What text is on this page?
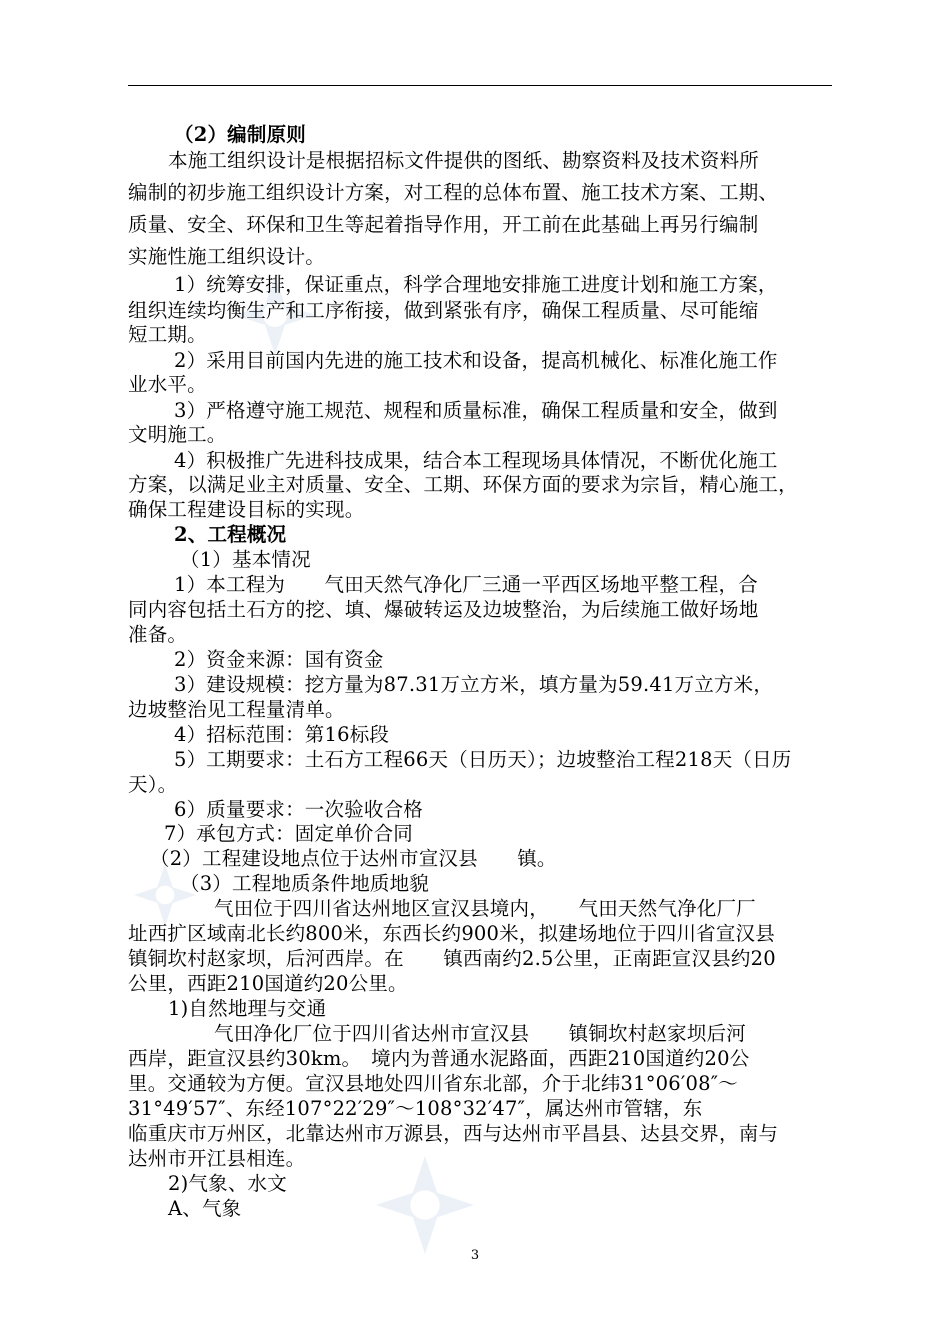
（2）编制原则
本施工组织设计是根据招标文件提供的图纸、勘察资料及技术资料所
编制的初步施工组织设计方案，对工程的总体布置、施工技术方案、工期、
质量、安全、环保和卫生等起着指导作用，开工前在此基础上再另行编制
实施性施工组织设计。
1）统筹安排，保证重点，科学合理地安排施工进度计划和施工方案，
组织连续均衡生产和工序衔接，做到紧张有序，确保工程质量、尽可能缩
短工期。
2）采用目前国内先进的施工技术和设备，提高机械化、标准化施工作
业水平。
3）严格遵守施工规范、规程和质量标准，确保工程质量和安全，做到
文明施工。
4）积极推广先进科技成果，结合本工程现场具体情况，不断优化施工
方案，以满足业主对质量、安全、工期、环保方面的要求为宗旨，精心施工，
确保工程建设目标的实现。
2、工程概况
（1）基本情况
1）本工程为　　气田天然气净化厂三通一平西区场地平整工程，合
同内容包括土石方的挖、填、爆破转运及边坡整治，为后续施工做好场地
准备。
2）资金来源：国有资金
3）建设规模：挖方量为87.31万立方米，填方量为59.41万立方米，
边坡整治见工程量清单。
4）招标范围：第16标段
5）工期要求：土石方工程66天（日历天）；边坡整治工程218天（日历
天）。
6）质量要求：一次验收合格
7）承包方式：固定单价合同
（2）工程建设地点位于达州市宣汉县　　镇。
（3）工程地质条件地质地貌
气田位于四川省达州地区宣汉县境内，　　气田天然气净化厂厂
址西扩区域南北长约800米，东西长约900米，拟建场地位于四川省宣汉县
镇铜坎村赵家坝，后河西岸。在　　镇西南约2.5公里，正南距宣汉县约20
公里，西距210国道约20公里。
1)自然地理与交通
气田净化厂位于四川省达州市宣汉县　　镇铜坎村赵家坝后河
西岸，距宣汉县约30km。　境内为普通水泥路面，西距210国道约20公
里。交通较为方便。宣汉县地处四川省东北部，介于北纬31°06′08″～
31°49′57″、东经107°22′29″～108°32′47″，属达州市管辖，东
临重庆市万州区，北靠达州市万源县，西与达州市平昌县、达县交界，南与
达州市开江县相连。
2)气象、水文
A、气象
3
